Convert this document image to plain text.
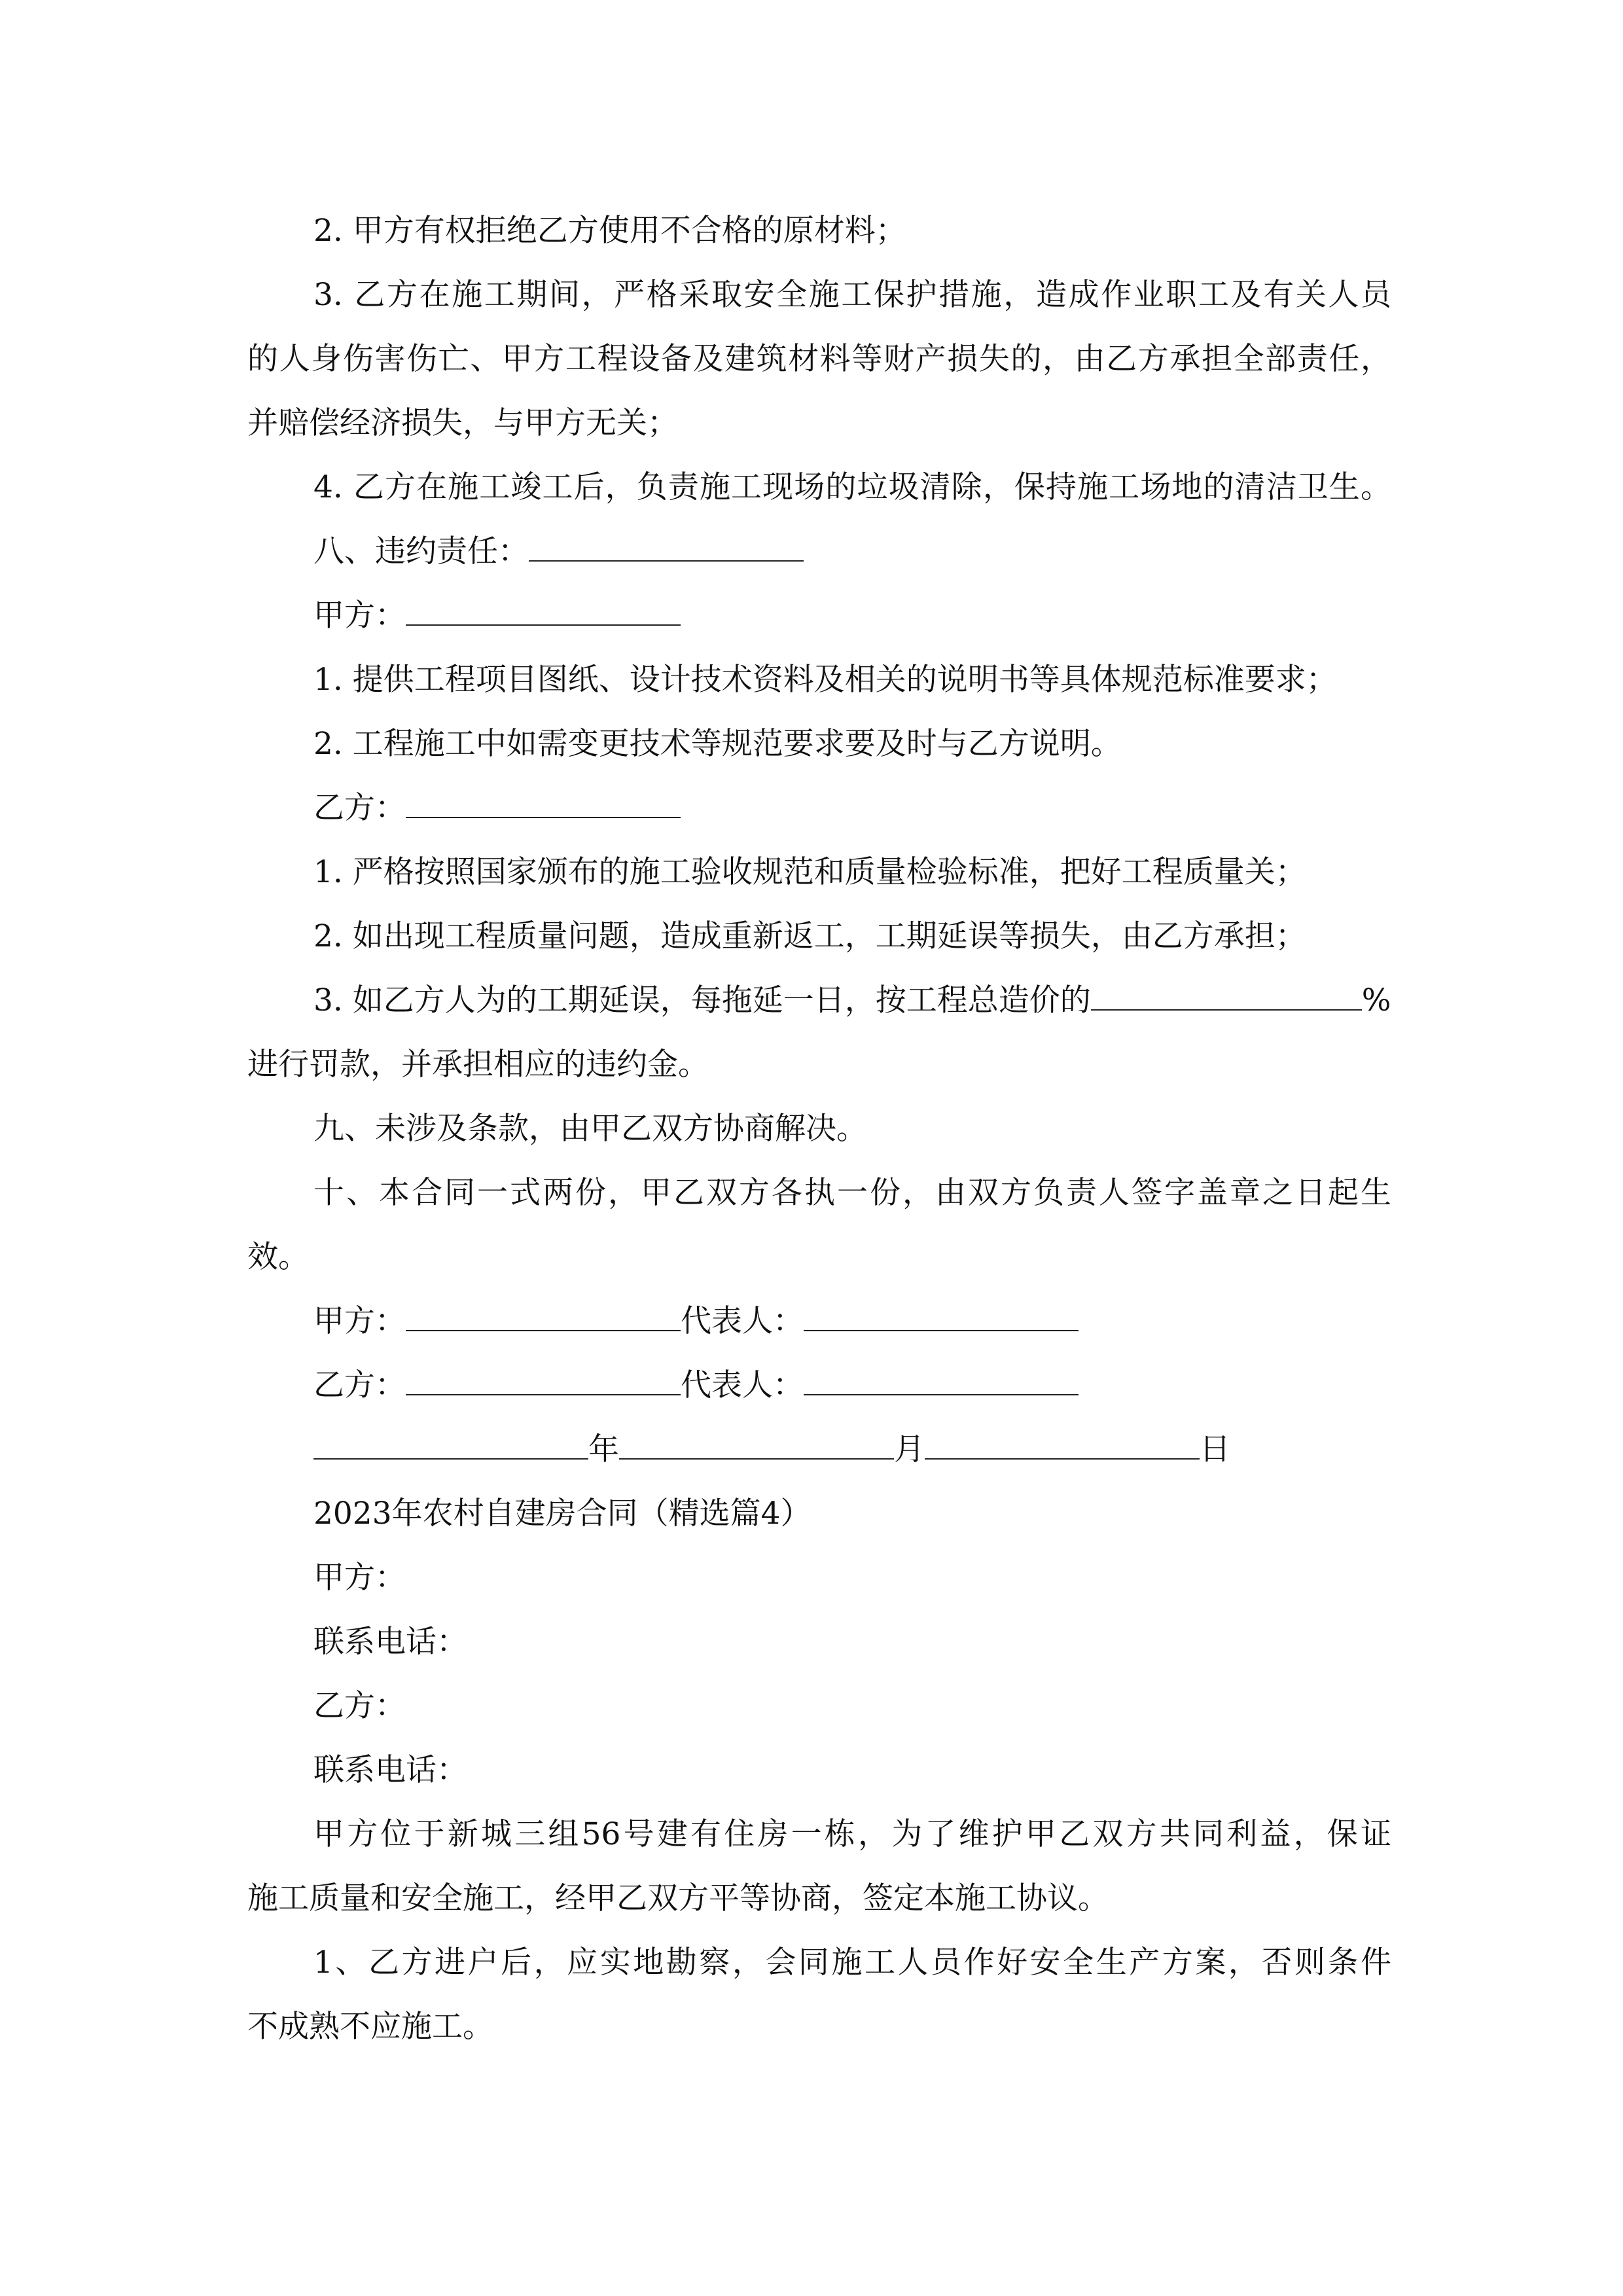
2. 甲方有权拒绝乙方使用不合格的原材料；
3. 乙方在施工期间，严格采取安全施工保护措施，造成作业职工及有关人员
的人身伤害伤亡、甲方工程设备及建筑材料等财产损失的，由乙方承担全部责任，
并赔偿经济损失，与甲方无关；
4. 乙方在施工竣工后，负责施工现场的垃圾清除，保持施工场地的清洁卫生。
八、违约责任：
甲方：
1. 提供工程项目图纸、设计技术资料及相关的说明书等具体规范标准要求；
2. 工程施工中如需变更技术等规范要求要及时与乙方说明。
乙方：
1. 严格按照国家颁布的施工验收规范和质量检验标准，把好工程质量关；
2. 如出现工程质量问题，造成重新返工，工期延误等损失，由乙方承担；
3. 如乙方人为的工期延误，每拖延一日，按工程总造价的	%
进行罚款，并承担相应的违约金。
九、未涉及条款，由甲乙双方协商解决。
十、本合同一式两份，甲乙双方各执一份，由双方负责人签字盖章之日起生
效。
甲方：	代表人：
乙方：	代表人：
年	月	日
2023年农村自建房合同（精选篇4）
甲方：
联系电话：
乙方：
联系电话：
甲方位于新城三组56号建有住房一栋，为了维护甲乙双方共同利益，保证
施工质量和安全施工，经甲乙双方平等协商，签定本施工协议。
1、乙方进户后，应实地勘察，会同施工人员作好安全生产方案，否则条件
不成熟不应施工。
